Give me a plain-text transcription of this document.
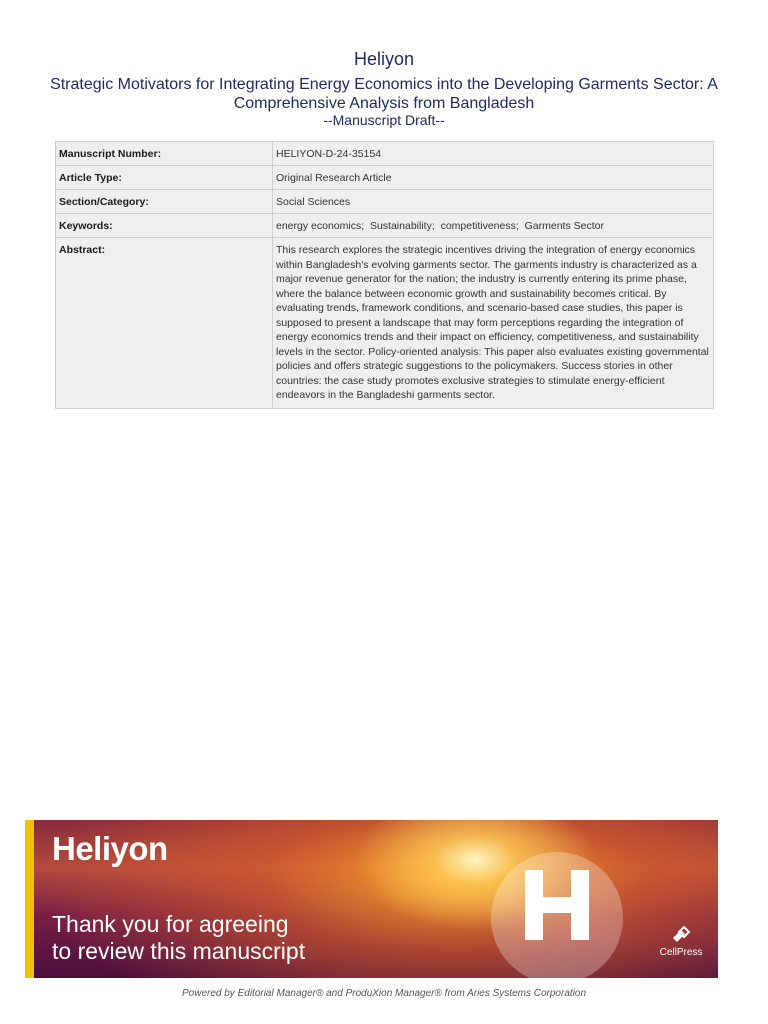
Heliyon
Strategic Motivators for Integrating Energy Economics into the Developing Garments Sector: A Comprehensive Analysis from Bangladesh
--Manuscript Draft--
Manuscript Number:	HELIYON-D-24-35154
Article Type:	Original Research Article
Section/Category:	Social Sciences
Keywords:	energy economics;  Sustainability;  competitiveness;  Garments Sector
Abstract:	This research explores the strategic incentives driving the integration of energy economics within Bangladesh's evolving garments sector. The garments industry is characterized as a major revenue generator for the nation; the industry is currently entering its prime phase, where the balance between economic growth and sustainability becomes critical. By evaluating trends, framework conditions, and scenario-based case studies, this paper is supposed to present a landscape that may form perceptions regarding the integration of energy economics trends and their impact on efficiency, competitiveness, and sustainability levels in the sector. Policy-oriented analysis: This paper also evaluates existing governmental policies and offers strategic suggestions to the policymakers. Success stories in other countries: the case study promotes exclusive strategies to stimulate energy-efficient endeavors in the Bangladeshi garments sector.
Heliyon
Thank you for agreeing
to review this manuscript	CellPress
Powered by Editorial Manager® and ProduXion Manager® from Aries Systems Corporation
